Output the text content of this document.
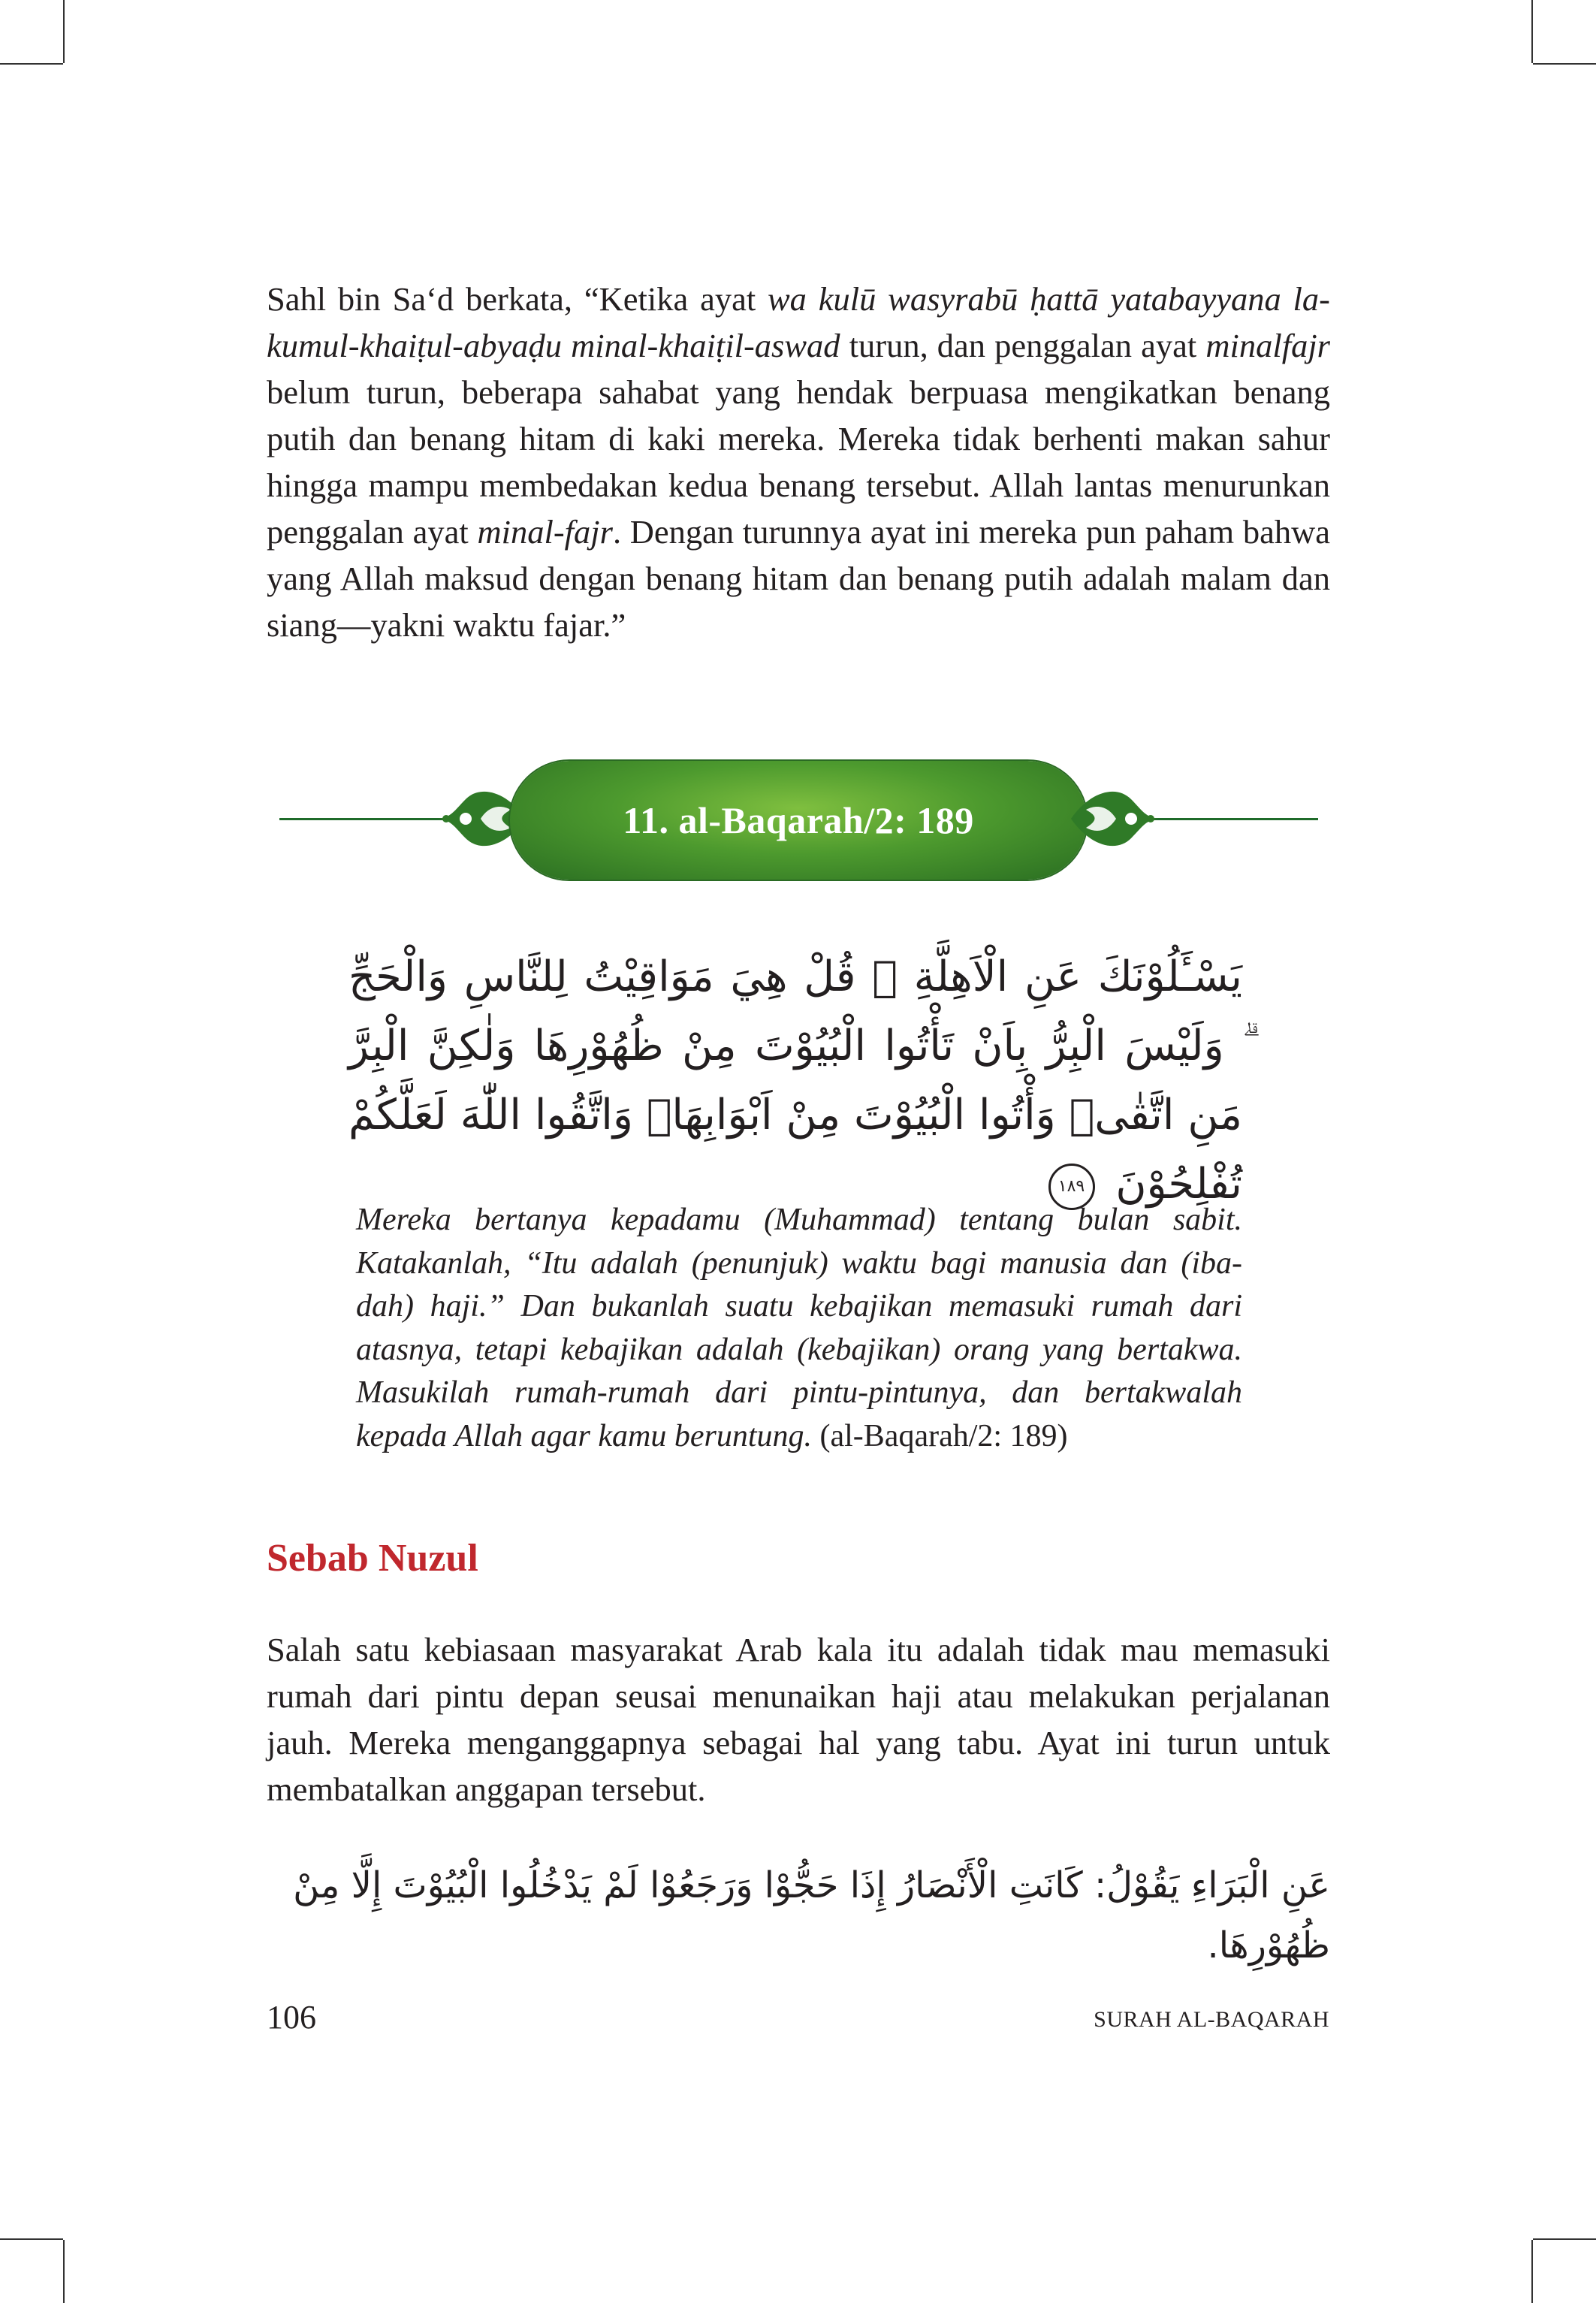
Sahl bin Sa‘d berkata, “Ketika ayat wa kulū wasyrabū ḥattā yatabayyana lakumul-khaiṭul-abyaḍu minal-khaiṭil-aswad turun, dan penggalan ayat minalfajr belum turun, beberapa sahabat yang hendak berpuasa mengikatkan benang putih dan benang hitam di kaki mereka. Mereka tidak berhenti makan sahur hingga mampu membedakan kedua benang tersebut. Allah lantas menurunkan penggalan ayat minal-fajr. Dengan turunnya ayat ini mereka pun paham bahwa yang Allah maksud dengan benang hitam dan benang putih adalah malam dan siang—yakni waktu fajar.”

11. al-Baqarah/2: 189
يَسْـَٔلُوْنَكَ عَنِ الْاَهِلَّةِ ۗ قُلْ هِيَ مَوَاقِيْتُ لِلنَّاسِ وَالْحَجِّ ۗ وَلَيْسَ الْبِرُّ بِاَنْ تَأْتُوا الْبُيُوْتَ مِنْ ظُهُوْرِهَا وَلٰكِنَّ الْبِرَّ مَنِ اتَّقٰىۚ وَأْتُوا الْبُيُوْتَ مِنْ اَبْوَابِهَاۖ وَاتَّقُوا اللّٰهَ لَعَلَّكُمْ تُفْلِحُوْنَ ١٨٩

Mereka bertanya kepadamu (Muhammad) tentang bulan sabit. Katakanlah, “Itu adalah (penunjuk) waktu bagi manusia dan (ibadah) haji.” Dan bukanlah suatu kebajikan memasuki rumah dari atasnya, tetapi kebajikan adalah (kebajikan) orang yang bertakwa. Masukilah rumah-rumah dari pintu-pintunya, dan bertakwalah kepada Allah agar kamu beruntung. (al-Baqarah/2: 189)

Sebab Nuzul

Salah satu kebiasaan masyarakat Arab kala itu adalah tidak mau memasuki rumah dari pintu depan seusai menunaikan haji atau melakukan perjalanan jauh. Mereka menganggapnya sebagai hal yang tabu. Ayat ini turun untuk membatalkan anggapan tersebut.

عَنِ الْبَرَاءِ يَقُوْلُ: كَانَتِ الْأَنْصَارُ إِذَا حَجُّوْا وَرَجَعُوْا لَمْ يَدْخُلُوا الْبُيُوْتَ إِلَّا مِنْ ظُهُوْرِهَا.
106	SURAH AL-BAQARAH
